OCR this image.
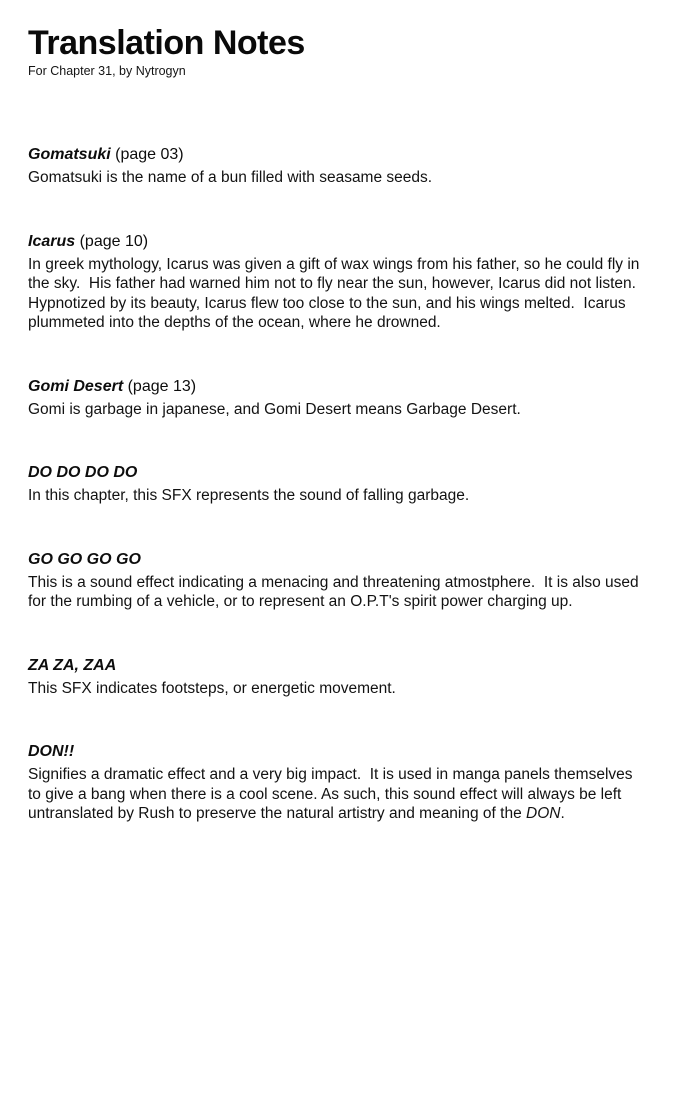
Translation Notes
For Chapter 31, by Nytrogyn
Gomatsuki (page 03)

Gomatsuki is the name of a bun filled with seasame seeds.

Icarus (page 10)

In greek mythology, Icarus was given a gift of wax wings from his father, so he could fly in the sky.  His father had warned him not to fly near the sun, however, Icarus did not listen.  Hypnotized by its beauty, Icarus flew too close to the sun, and his wings melted.  Icarus plummeted into the depths of the ocean, where he drowned.

Gomi Desert (page 13)

Gomi is garbage in japanese, and Gomi Desert means Garbage Desert.

DO DO DO DO

In this chapter, this SFX represents the sound of falling garbage.

GO GO GO GO

This is a sound effect indicating a menacing and threatening atmostphere.  It is also used for the rumbing of a vehicle, or to represent an O.P.T's spirit power charging up.

ZA ZA, ZAA

This SFX indicates footsteps, or energetic movement.

DON!!

Signifies a dramatic effect and a very big impact.  It is used in manga panels themselves to give a bang when there is a cool scene. As such, this sound effect will always be left untranslated by Rush to preserve the natural artistry and meaning of the DON.
